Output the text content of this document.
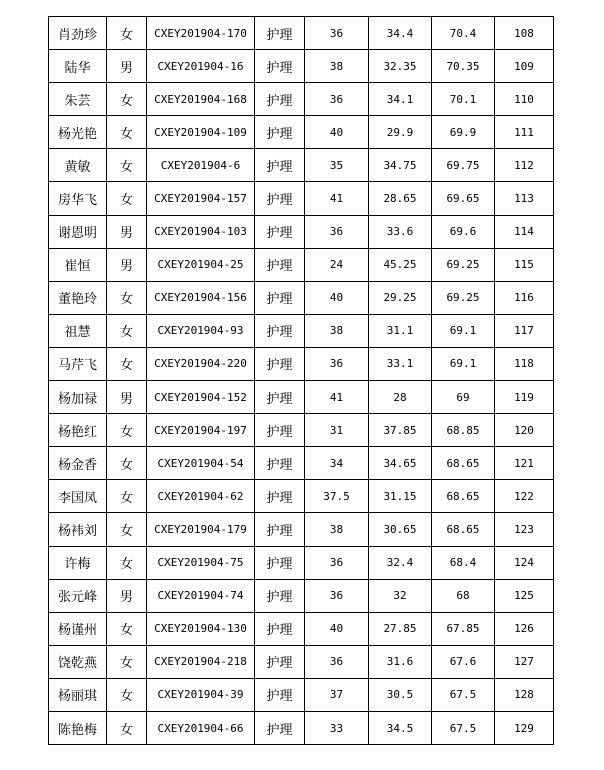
肖劲珍	女	CXEY201904-170	护理	36	34.4	70.4	108
陆华	男	CXEY201904-16	护理	38	32.35	70.35	109
朱芸	女	CXEY201904-168	护理	36	34.1	70.1	110
杨光艳	女	CXEY201904-109	护理	40	29.9	69.9	111
黄敏	女	CXEY201904-6	护理	35	34.75	69.75	112
房华飞	女	CXEY201904-157	护理	41	28.65	69.65	113
谢恩明	男	CXEY201904-103	护理	36	33.6	69.6	114
崔恒	男	CXEY201904-25	护理	24	45.25	69.25	115
董艳玲	女	CXEY201904-156	护理	40	29.25	69.25	116
祖慧	女	CXEY201904-93	护理	38	31.1	69.1	117
马芹飞	女	CXEY201904-220	护理	36	33.1	69.1	118
杨加禄	男	CXEY201904-152	护理	41	28	69	119
杨艳红	女	CXEY201904-197	护理	31	37.85	68.85	120
杨金香	女	CXEY201904-54	护理	34	34.65	68.65	121
李国凤	女	CXEY201904-62	护理	37.5	31.15	68.65	122
杨袆刘	女	CXEY201904-179	护理	38	30.65	68.65	123
许梅	女	CXEY201904-75	护理	36	32.4	68.4	124
张元峰	男	CXEY201904-74	护理	36	32	68	125
杨谨州	女	CXEY201904-130	护理	40	27.85	67.85	126
饶乾燕	女	CXEY201904-218	护理	36	31.6	67.6	127
杨丽琪	女	CXEY201904-39	护理	37	30.5	67.5	128
陈艳梅	女	CXEY201904-66	护理	33	34.5	67.5	129
